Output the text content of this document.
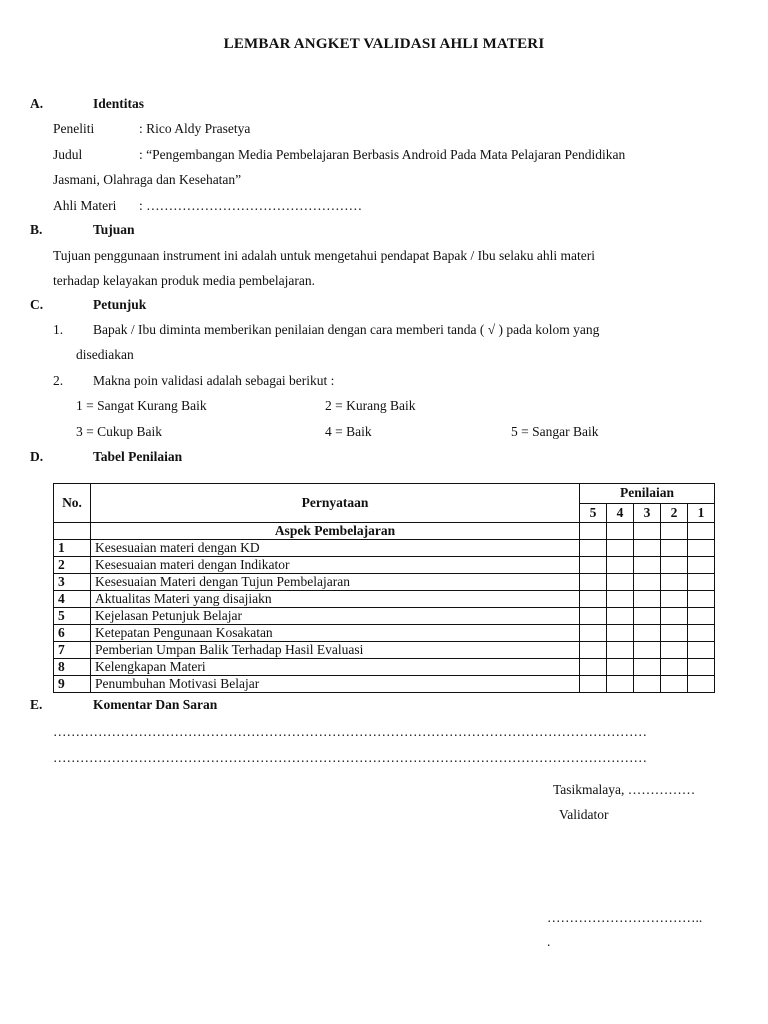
LEMBAR ANGKET VALIDASI AHLI MATERI
A.	Identitas
Peneliti	: Rico Aldy Prasetya
Judul	: “Pengembangan Media Pembelajaran Berbasis Android Pada Mata Pelajaran Pendidikan
Jasmani, Olahraga dan Kesehatan”
Ahli Materi : …………………………………………
B.	Tujuan
Tujuan penggunaan instrument ini adalah untuk mengetahui pendapat Bapak / Ibu selaku ahli materi
terhadap kelayakan produk media pembelajaran.
C.	Petunjuk
1. Bapak / Ibu diminta memberikan penilaian dengan cara memberi tanda ( √ ) pada kolom yang
disediakan
2. Makna poin validasi adalah sebagai berikut :
1 = Sangat Kurang Baik	2 = Kurang Baik
3 = Cukup Baik	4 = Baik	5 = Sangar Baik
D.	Tabel Penilaian
No.	Pernyataan	Penilaian				
		5	4	3	2	1
	Aspek Pembelajaran					
1	Kesesuaian materi dengan KD					
2	Kesesuaian materi dengan Indikator					
3	Kesesuaian Materi dengan Tujun Pembelajaran					
4	Aktualitas Materi yang disajiakn					
5	Kejelasan Petunjuk Belajar					
6	Ketepatan Pengunaan Kosakatan					
7	Pemberian Umpan Balik Terhadap Hasil Evaluasi					
8	Kelengkapan Materi					
9	Penumbuhan Motivasi Belajar					
E.	Komentar Dan Saran
……………………………………………………………………………………………………………………
……………………………………………………………………………………………………………………
Tasikmalaya, ……………
Validator
……………………………..
.
